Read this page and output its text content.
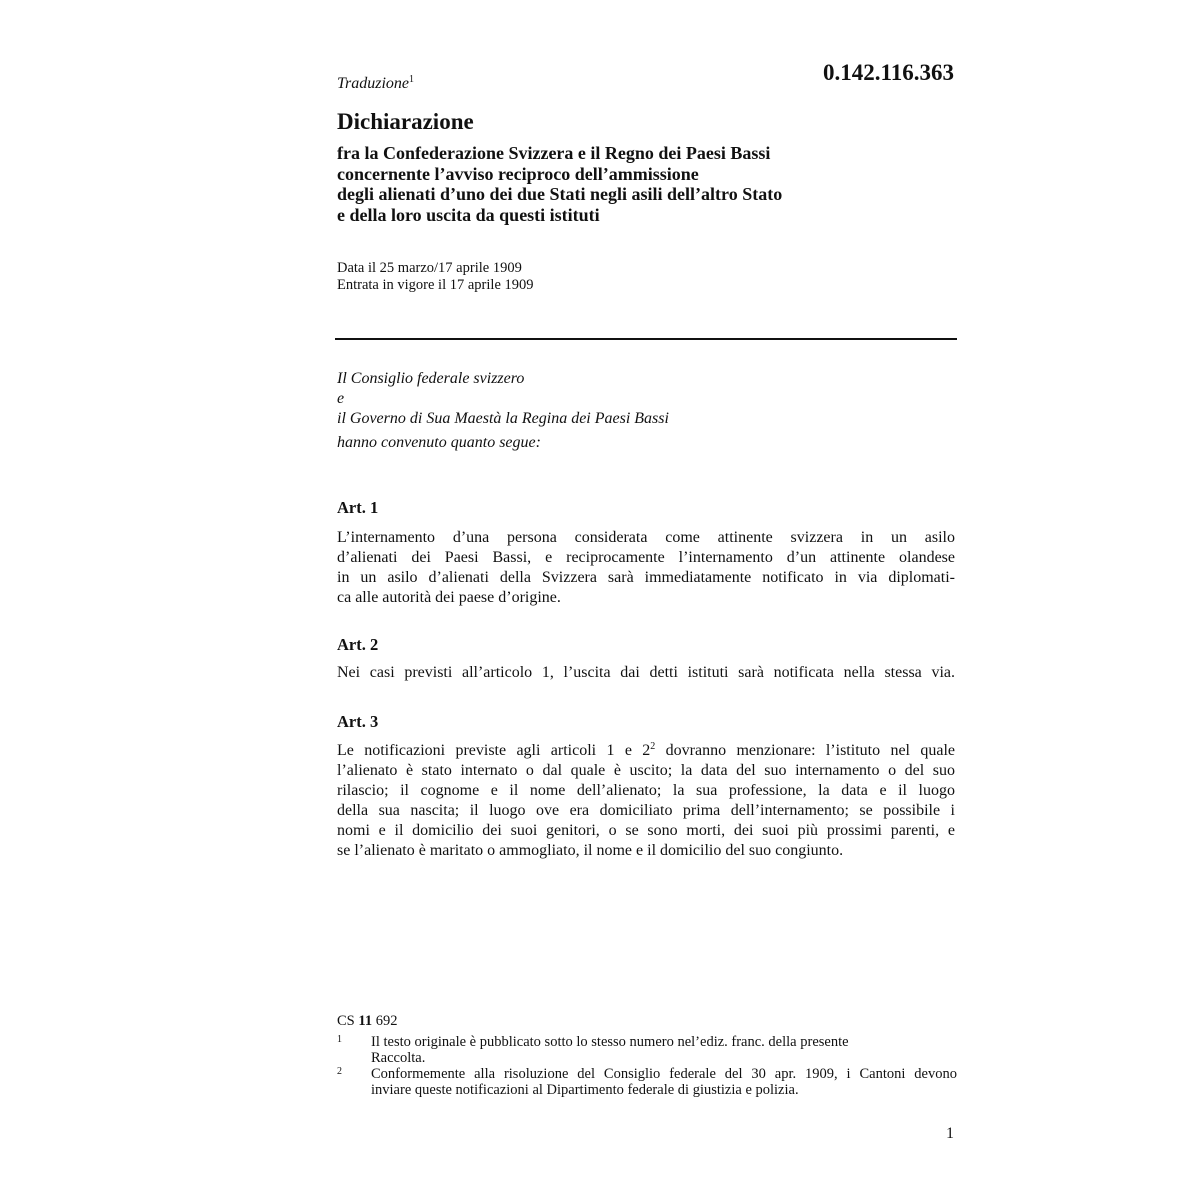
Traduzione$^1$	0.142.116.363
Dichiarazione
fra la Confederazione Svizzera e il Regno dei Paesi Bassi
concernente l’avviso reciproco dell’ammissione
degli alienati d’uno dei due Stati negli asili dell’altro Stato
e della loro uscita da questi istituti
Data il 25 marzo/17 aprile 1909
Entrata in vigore il 17 aprile 1909
Il Consiglio federale svizzero
e
il Governo di Sua Maestà la Regina dei Paesi Bassi
hanno convenuto quanto segue:
Art. 1
L’internamento d’una persona considerata come attinente svizzera in un asilo
d’alienati dei Paesi Bassi, e reciprocamente l’internamento d’un attinente olandese
in un asilo d’alienati della Svizzera sarà immediatamente notificato in via diplomati-
ca alle autorità dei paese d’origine.
Art. 2
Nei casi previsti all’articolo 1, l’uscita dai detti istituti sarà notificata nella stessa via.
Art. 3
Le notificazioni previste agli articoli 1 e $2^2$ dovranno menzionare: l’istituto nel quale
l’alienato è stato internato o dal quale è uscito; la data del suo internamento o del suo
rilascio; il cognome e il nome dell’alienato; la sua professione, la data e il luogo
della sua nascita; il luogo ove era domiciliato prima dell’internamento; se possibile i
nomi e il domicilio dei suoi genitori, o se sono morti, dei suoi più prossimi parenti, e
se l’alienato è maritato o ammogliato, il nome e il domicilio del suo congiunto.
CS 11 692
1 Il testo originale è pubblicato sotto lo stesso numero nel’ediz. franc. della presente
Raccolta.
2 Conformemente alla risoluzione del Consiglio federale del 30 apr. 1909, i Cantoni devono
inviare queste notificazioni al Dipartimento federale di giustizia e polizia.
1
